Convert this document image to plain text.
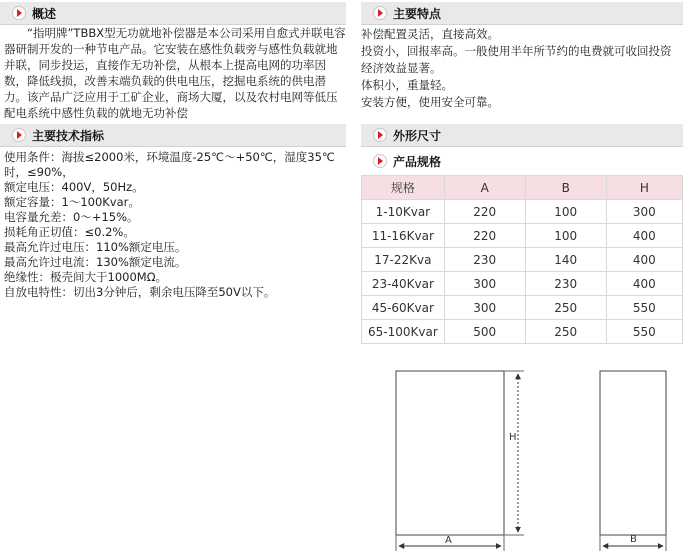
概述
“指明牌”TBBX型无功就地补偿器是本公司采用自愈式并联电容器研制开发的一种节电产品。它安装在感性负载旁与感性负载就地并联，同步投运，直接作无功补偿，从根本上提高电网的功率因数，降低线损，改善末端负载的供电电压，挖掘电系统的供电潜力。该产品广泛应用于工矿企业，商场大厦，以及农村电网等低压配电系统中感性负载的就地无功补偿
主要特点
补偿配置灵活，直接高效。
投资小，回报率高。一般使用半年所节约的电费就可收回投资
经济效益显著。
体积小，重量轻。
安装方便，使用安全可靠。
主要技术指标
使用条件：海拔≤2000米，环境温度-25℃～+50℃，湿度35℃
时，≤90%，
额定电压：400V，50Hz。
额定容量：1～100Kvar。
电容量允差：0～+15%。
损耗角正切值：≤0.2%。
最高允许过电压：110%额定电压。
最高允许过电流：130%额定电流。
绝缘性：极壳间大于1000MΩ。
自放电特性：切出3分钟后，剩余电压降至50V以下。
外形尺寸
产品规格
规格	A	B	H
1-10Kvar	220	100	300
11-16Kvar	220	100	400
17-22Kva	230	140	400
23-40Kvar	300	230	400
45-60Kvar	300	250	550
65-100Kvar	500	250	550
H
A	B
